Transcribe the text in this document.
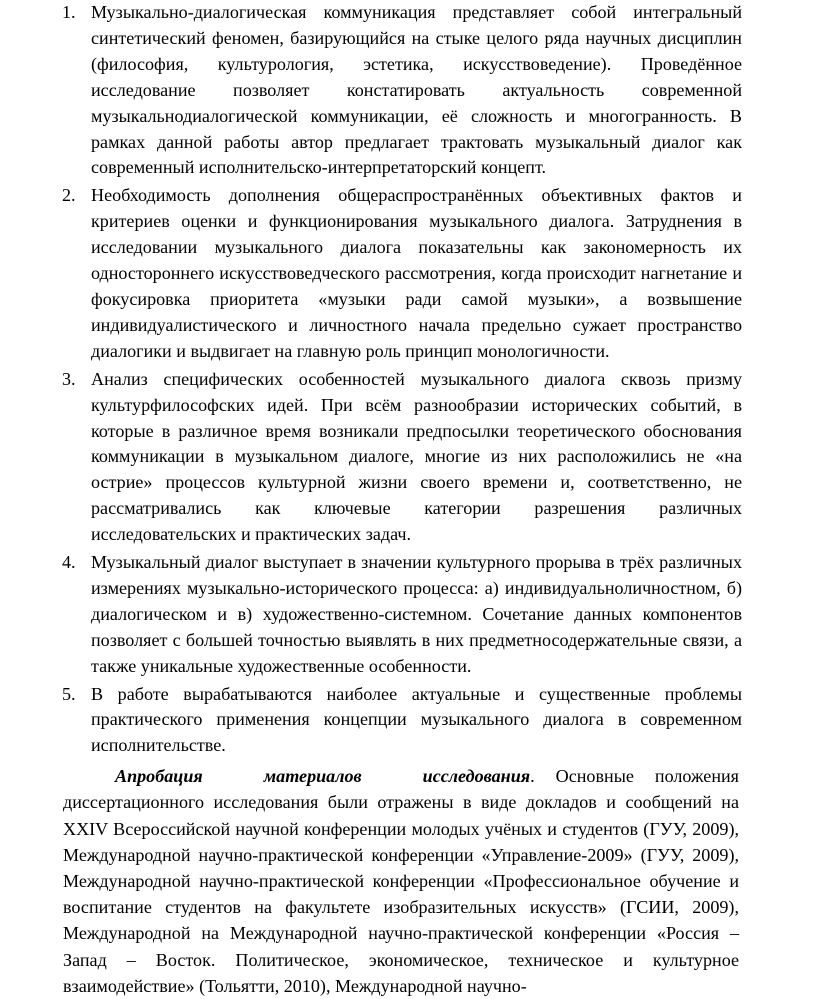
1. Музыкально-диалогическая коммуникация представляет собой интегральный синтетический феномен, базирующийся на стыке целого ряда научных дисциплин (философия, культурология, эстетика, искусствоведение). Проведённое исследование позволяет констатировать актуальность современной музыкальнодиалогической коммуникации, её сложность и многогранность. В рамках данной работы автор предлагает трактовать музыкальный диалог как современный исполнительско-интерпретаторский концепт.
2. Необходимость дополнения общераспространённых объективных фактов и критериев оценки и функционирования музыкального диалога. Затруднения в исследовании музыкального диалога показательны как закономерность их одностороннего искусствоведческого рассмотрения, когда происходит нагнетание и фокусировка приоритета «музыки ради самой музыки», а возвышение индивидуалистического и личностного начала предельно сужает пространство диалогики и выдвигает на главную роль принцип монологичности.
3. Анализ специфических особенностей музыкального диалога сквозь призму культурфилософских идей. При всём разнообразии исторических событий, в которые в различное время возникали предпосылки теоретического обоснования коммуникации в музыкальном диалоге, многие из них расположились не «на острие» процессов культурной жизни своего времени и, соответственно, не рассматривались как ключевые категории разрешения различных исследовательских и практических задач.
4. Музыкальный диалог выступает в значении культурного прорыва в трёх различных измерениях музыкально-исторического процесса: а) индивидуальноличностном, б) диалогическом и в) художественно-системном. Сочетание данных компонентов позволяет с большей точностью выявлять в них предметносодержательные связи, а также уникальные художественные особенности.
5. В работе вырабатываются наиболее актуальные и существенные проблемы практического применения концепции музыкального диалога в современном исполнительстве.

Апробация материалов исследования. Основные положения диссертационного исследования были отражены в виде докладов и сообщений на XXIV Всероссийской научной конференции молодых учёных и студентов (ГУУ, 2009), Международной научно-практической конференции «Управление-2009» (ГУУ, 2009), Международной научно-практической конференции «Профессиональное обучение и воспитание студентов на факультете изобразительных искусств» (ГСИИ, 2009), Международной на Международной научно-практической конференции «Россия – Запад – Восток. Политическое, экономическое, техническое и культурное взаимодействие» (Тольятти, 2010), Международной научно-
